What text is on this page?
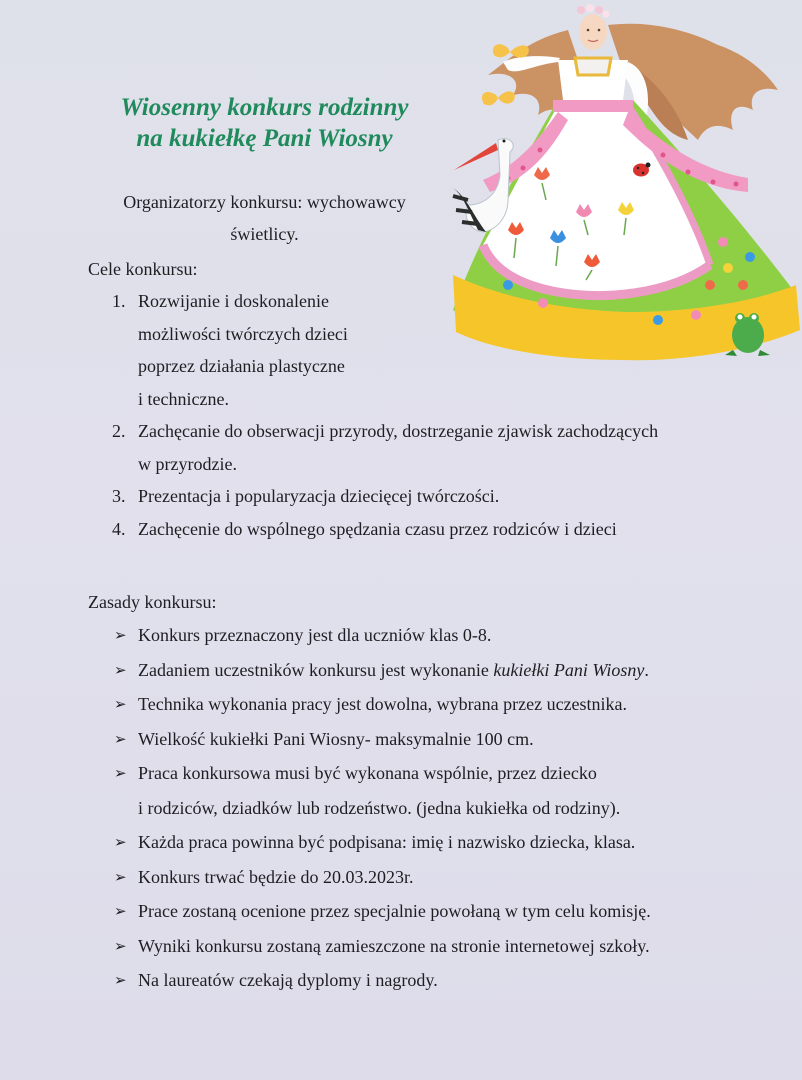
Wiosenny konkurs rodzinny
na kukiełkę Pani Wiosny
Organizatorzy konkursu: wychowawcy
świetlicy.
Cele konkursu:
1. Rozwijanie i doskonalenie
możliwości twórczych dzieci
poprzez działania plastyczne
i techniczne.
2. Zachęcanie do obserwacji przyrody, dostrzeganie zjawisk zachodzących
w przyrodzie.
3. Prezentacja i popularyzacja dziecięcej twórczości.
4. Zachęcenie do wspólnego spędzania czasu przez rodziców i dzieci
Zasady konkursu:
➢ Konkurs przeznaczony jest dla uczniów klas 0-8.
➢ Zadaniem uczestników konkursu jest wykonanie kukiełki Pani Wiosny.
➢ Technika wykonania pracy jest dowolna, wybrana przez uczestnika.
➢ Wielkość kukiełki Pani Wiosny- maksymalnie 100 cm.
➢ Praca konkursowa musi być wykonana wspólnie, przez dziecko
i rodziców, dziadków lub rodzeństwo. (jedna kukiełka od rodziny).
➢ Każda praca powinna być podpisana: imię i nazwisko dziecka, klasa.
➢ Konkurs trwać będzie do 20.03.2023r.
➢ Prace zostaną ocenione przez specjalnie powołaną w tym celu komisję.
➢ Wyniki konkursu zostaną zamieszczone na stronie internetowej szkoły.
➢ Na laureatów czekają dyplomy i nagrody.
